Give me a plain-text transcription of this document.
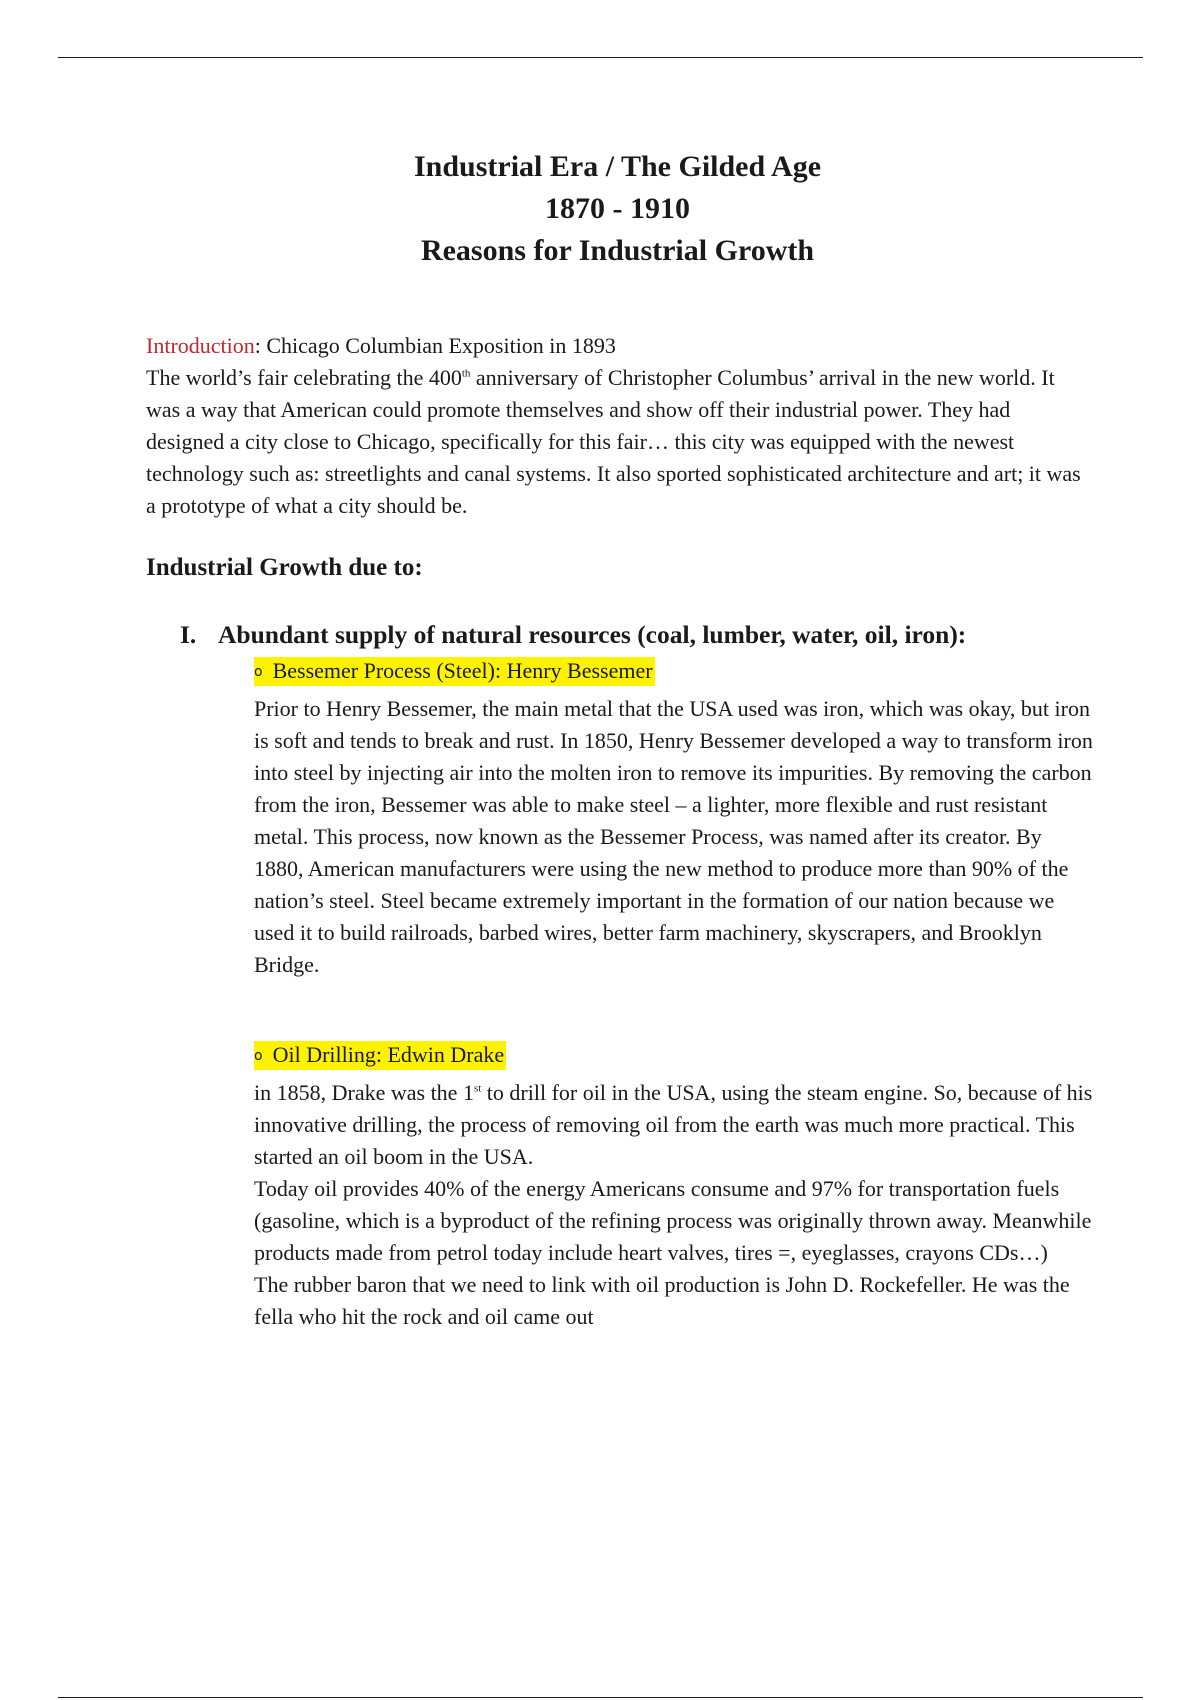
Industrial Era / The Gilded Age
1870 - 1910
Reasons for Industrial Growth

Introduction: Chicago Columbian Exposition in 1893

The world’s fair celebrating the 400th anniversary of Christopher Columbus’ arrival in the new world. It was a way that American could promote themselves and show off their industrial power. They had designed a city close to Chicago, specifically for this fair… this city was equipped with the newest technology such as: streetlights and canal systems. It also sported sophisticated architecture and art; it was a prototype of what a city should be.

Industrial Growth due to:
I. Abundant supply of natural resources (coal, lumber, water, oil, iron):
o Bessemer Process (Steel): Henry Bessemer

Prior to Henry Bessemer, the main metal that the USA used was iron, which was okay, but iron is soft and tends to break and rust. In 1850, Henry Bessemer developed a way to transform iron into steel by injecting air into the molten iron to remove its impurities. By removing the carbon from the iron, Bessemer was able to make steel – a lighter, more flexible and rust resistant metal. This process, now known as the Bessemer Process, was named after its creator. By 1880, American manufacturers were using the new method to produce more than 90% of the nation’s steel. Steel became extremely important in the formation of our nation because we used it to build railroads, barbed wires, better farm machinery, skyscrapers, and Brooklyn Bridge.

o Oil Drilling: Edwin Drake

in 1858, Drake was the 1st to drill for oil in the USA, using the steam engine. So, because of his innovative drilling, the process of removing oil from the earth was much more practical. This started an oil boom in the USA.

Today oil provides 40% of the energy Americans consume and 97% for transportation fuels (gasoline, which is a byproduct of the refining process was originally thrown away. Meanwhile products made from petrol today include heart valves, tires =, eyeglasses, crayons CDs…)

The rubber baron that we need to link with oil production is John D. Rockefeller. He was the fella who hit the rock and oil came out
